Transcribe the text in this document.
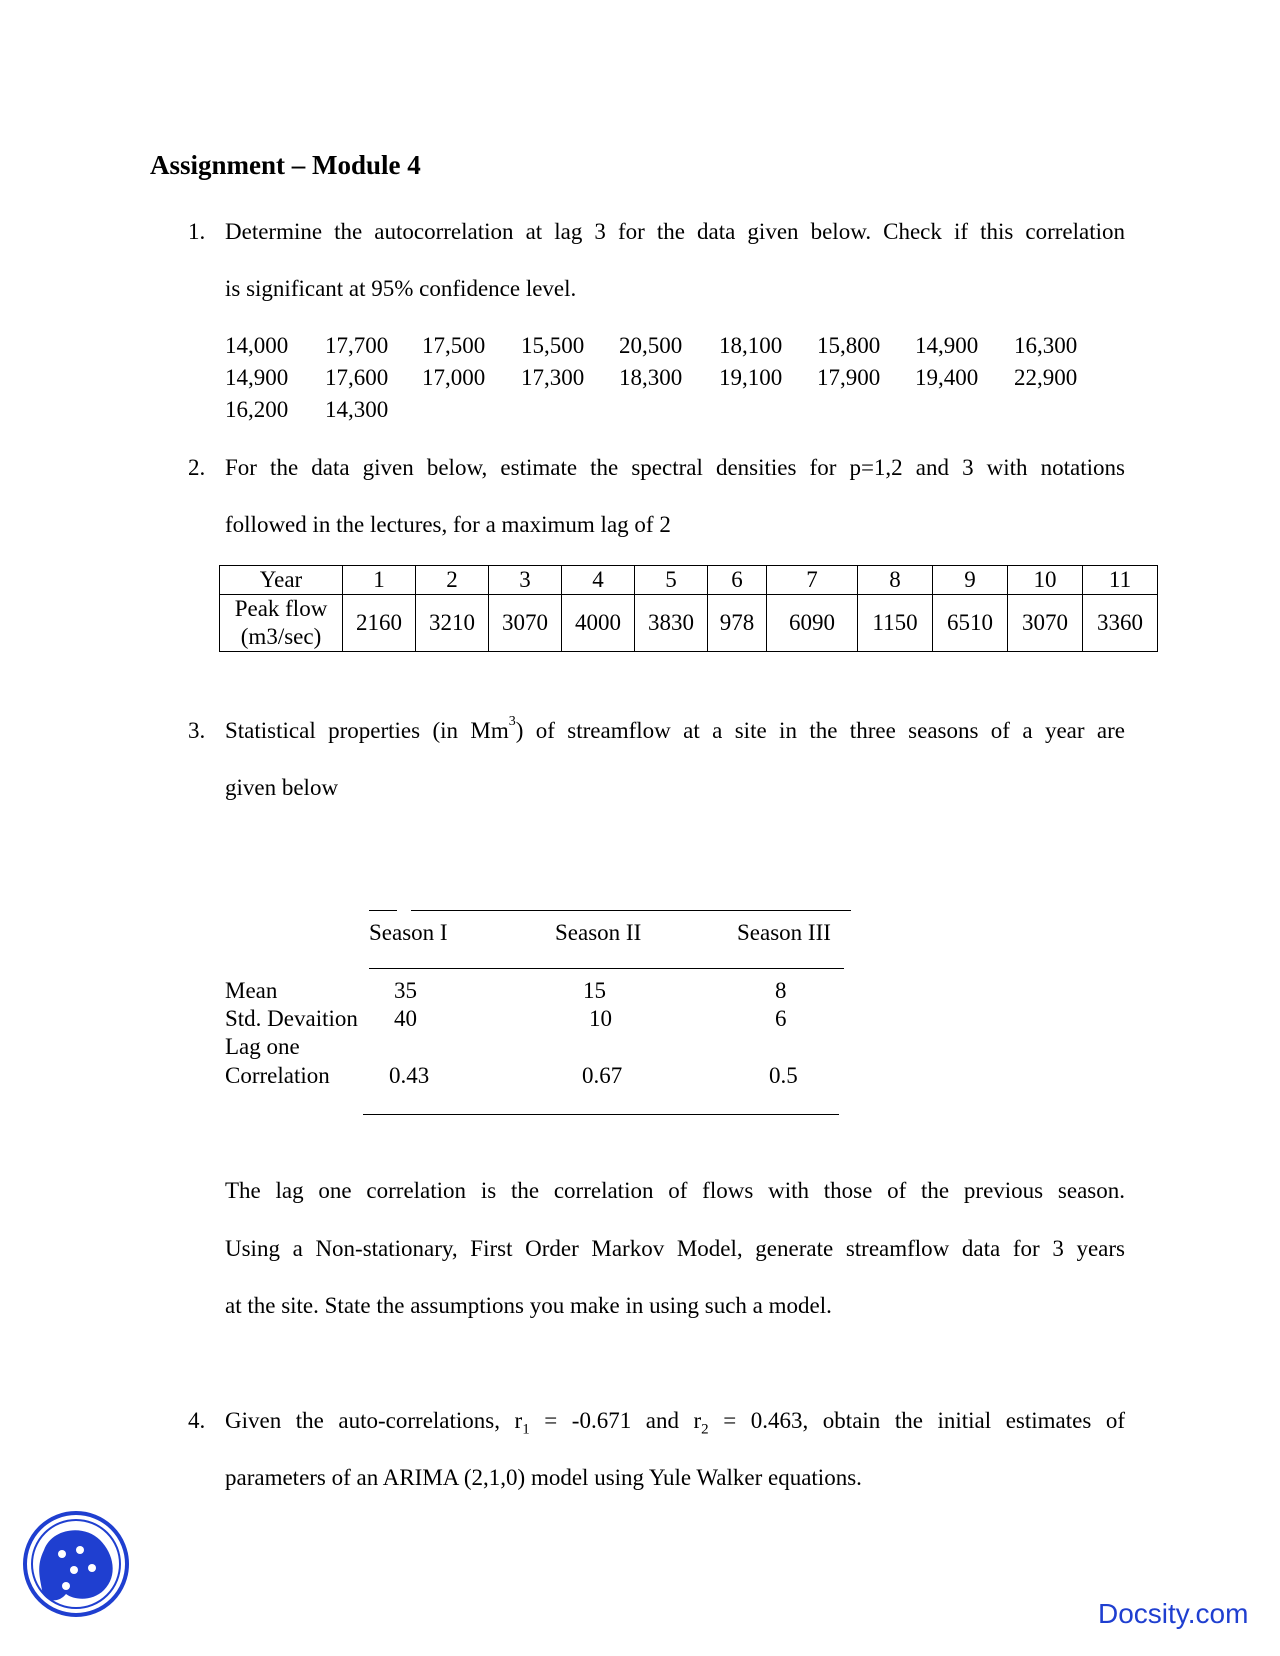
Assignment – Module 4
1. Determine the autocorrelation at lag 3 for the data given below. Check if this correlation
is significant at 95% confidence level.
14,000 17,700 17,500 15,500 20,500 18,100 15,800 14,900 16,300
14,900 17,600 17,000 17,300 18,300 19,100 17,900 19,400 22,900
16,200 14,300
2. For the data given below, estimate the spectral densities for p=1,2 and 3 with notations
followed in the lectures, for a maximum lag of 2
Year	1	2	3	4	5	6	7	8	9	10	11

Peak flow
(m3/sec)	2160	3210	3070	4000	3830	978	6090	1150	6510	3070	3360
3. Statistical properties (in Mm$^3$) of streamflow at a site in the three seasons of a year are
given below
Season I	Season II	Season III
Mean	35	15	8
Std. Devaition 40	10	6
Lag one
Correlation	0.43	0.67	0.5
The lag one correlation is the correlation of flows with those of the previous season.
Using a Non-stationary, First Order Markov Model, generate streamflow data for 3 years
at the site. State the assumptions you make in using such a model.
4. Given the auto-correlations, $r_1 = -0.671$ and $r_2 = 0.463$, obtain the initial estimates of
parameters of an ARIMA (2,1,0) model using Yule Walker equations.
Docsity.com
